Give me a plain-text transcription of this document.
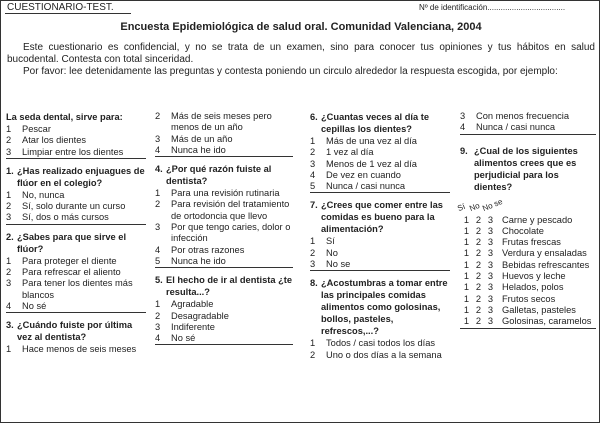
CUESTIONARIO-TEST.	Nº de identificación...................................
Encuesta Epidemiológica de salud oral. Comunidad Valenciana, 2004

Este cuestionario es confidencial, y no se trata de un examen, sino para conocer tus opiniones y tus hábitos en salud bucodental. Contesta con total sinceridad.

Por favor: lee detenidamente las preguntas y contesta poniendo un circulo alrededor la respuesta escogida, por ejemplo:

La seda dental, sirve para:
1	Pescar
2	Atar los dientes
3	Limpiar entre los dientes
1. ¿Has realizado enjuagues de flúor en el colegio?
1	No, nunca
2	Sí, solo durante un curso
3	Sí, dos o más cursos
2. ¿Sabes para que sirve el flúor?
1	Para proteger el diente
2	Para refrescar el aliento
3	Para tener los dientes más blancos
4	No sé
3. ¿Cuándo fuiste por última vez al dentista?
1	Hace menos de seis meses
2	Más de seis meses pero menos de un año
3	Más de un año
4	Nunca he ido
4. ¿Por qué razón fuiste al dentista?
1	Para una revisión rutinaria
2	Para revisión del tratamiento de ortodoncia que llevo
3	Por que tengo caries, dolor o infección
4	Por otras razones
5	Nunca he ido
5. El hecho de ir al dentista ¿te resulta...?
1	Agradable
2	Desagradable
3	Indiferente
4	No sé
6. ¿Cuantas veces al día te cepillas los dientes?
1	Más de una vez al día
2	1 vez al día
3	Menos de 1 vez al día
4	De vez en cuando
5	Nunca / casi nunca
7. ¿Crees que comer entre las comidas es bueno para la alimentación?
1	Sí
2	No
3	No se
8. ¿Acostumbras a tomar entre las principales comidas alimentos como golosinas, bollos, pasteles, refrescos,...?
1	Todos / casi todos los días
2	Uno o dos días a la semana
3	Con menos frecuencia
4	Nunca / casi nunca
9. ¿Cual de los siguientes alimentos crees que es perjudicial para los dientes?
Sí No No se
1 2 3 Carne y pescado
1 2 3 Chocolate
1 2 3 Frutas frescas
1 2 3 Verdura y ensaladas
1 2 3 Bebidas refrescantes
1 2 3 Huevos y leche
1 2 3 Helados, polos
1 2 3 Frutos secos
1 2 3 Galletas, pasteles
1 2 3 Golosinas, caramelos
